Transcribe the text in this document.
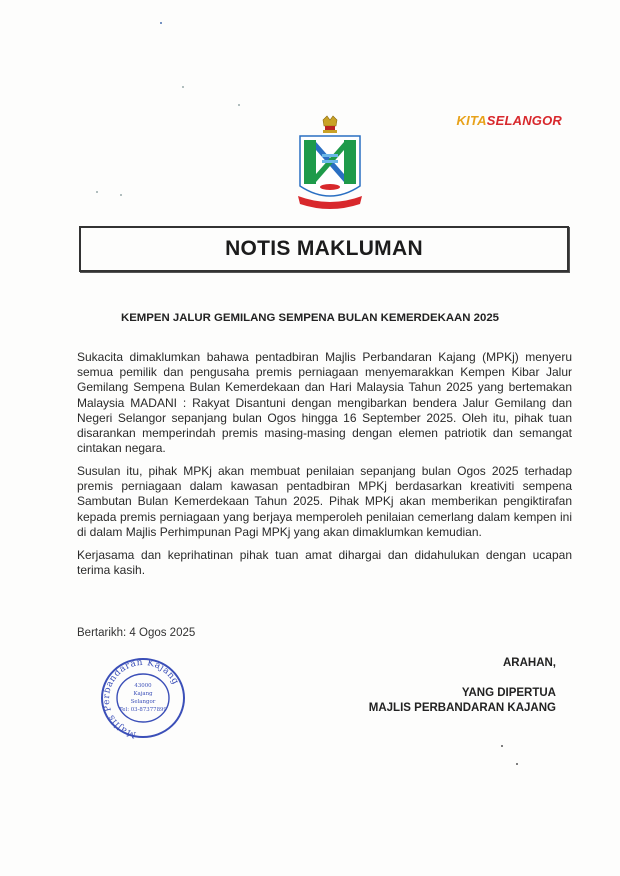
KITASELANGOR
NOTIS MAKLUMAN
KEMPEN JALUR GEMILANG SEMPENA BULAN KEMERDEKAAN 2025

Sukacita dimaklumkan bahawa pentadbiran Majlis Perbandaran Kajang (MPKj) menyeru semua pemilik dan pengusaha premis perniagaan menyemarakkan Kempen Kibar Jalur Gemilang Sempena Bulan Kemerdekaan dan Hari Malaysia Tahun 2025 yang bertemakan Malaysia MADANI : Rakyat Disantuni dengan mengibarkan bendera Jalur Gemilang dan Negeri Selangor sepanjang bulan Ogos hingga 16 September 2025. Oleh itu, pihak tuan disarankan memperindah premis masing-masing dengan elemen patriotik dan semangat cintakan negara.

Susulan itu, pihak MPKj akan membuat penilaian sepanjang bulan Ogos 2025 terhadap premis perniagaan dalam kawasan pentadbiran MPKj berdasarkan kreativiti sempena Sambutan Bulan Kemerdekaan Tahun 2025. Pihak MPKj akan memberikan pengiktirafan kepada premis perniagaan yang berjaya memperoleh penilaian cemerlang dalam kempen ini di dalam Majlis Perhimpunan Pagi MPKj yang akan dimaklumkan kemudian.

Kerjasama dan keprihatinan pihak tuan amat dihargai dan didahulukan dengan ucapan terima kasih.

Bertarikh: 4 Ogos 2025
Majlis Perbandaran Kajang
43000
Kajang
Selangor
Tel: 03-87377899
ARAHAN,
YANG DIPERTUA
MAJLIS PERBANDARAN KAJANG
